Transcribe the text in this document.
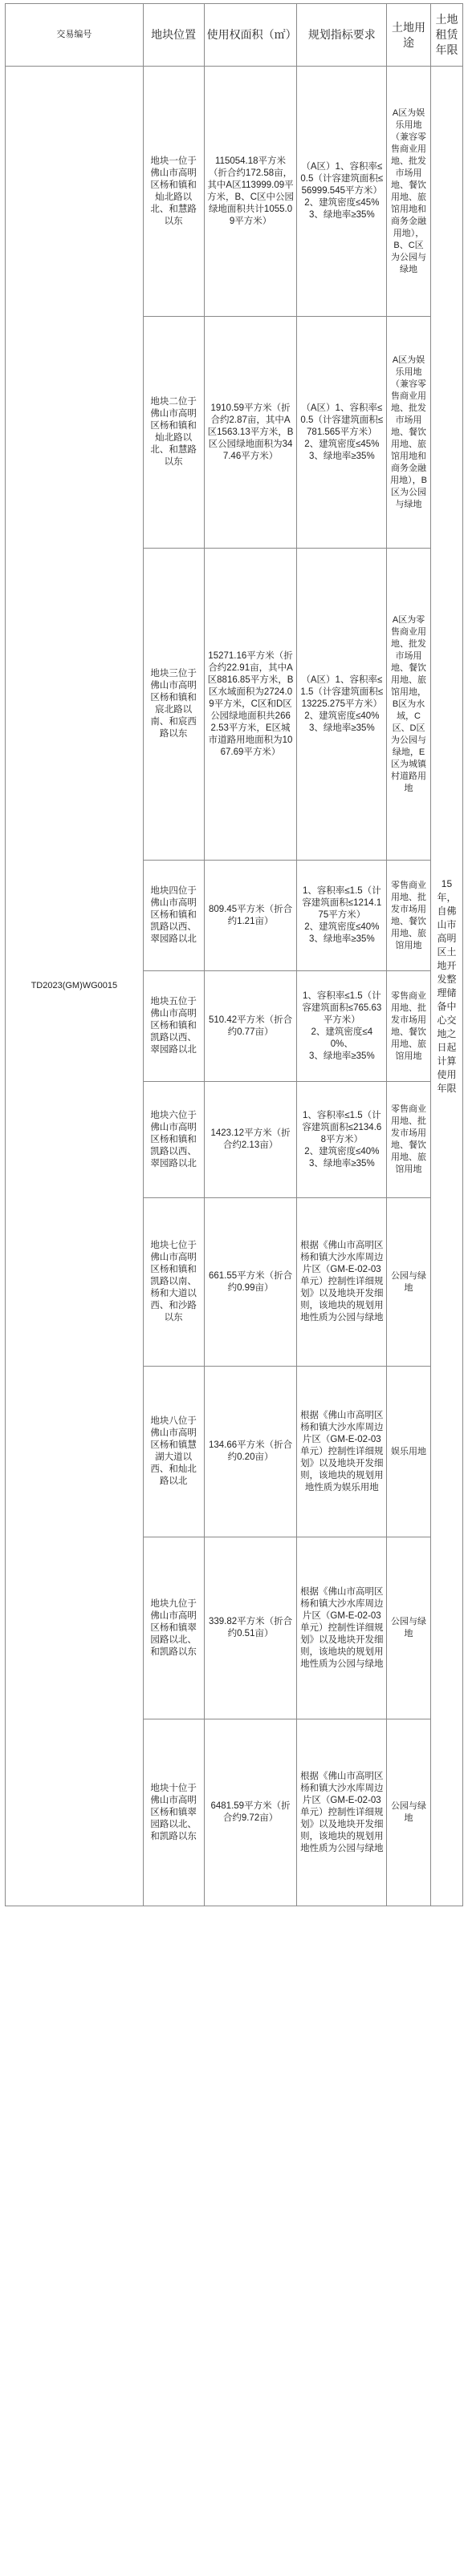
交易编号	地块位置	使用权面积（㎡）	规划指标要求	土地用途	土地租赁年限
TD2023(GM)WG0015	地块一位于佛山市高明区杨和镇和灿北路以北、和慧路以东	115054.18平方米（折合约172.58亩，其中A区113999.09平方米，B、C区中公园绿地面积共计1055.09平方米）	（A区）1、容积率≤0.5（计容建筑面积≤56999.545平方米）
2、建筑密度≤45%
3、绿地率≥35%	A区为娱乐用地（兼容零售商业用地、批发市场用地、餐饮用地、旅馆用地和商务金融用地），B、C区为公园与绿地	15年，自佛山市高明区土地开发整理储备中心交地之日起计算使用年限

	地块二位于佛山市高明区杨和镇和灿北路以北、和慧路以东	1910.59平方米（折合约2.87亩，其中A区1563.13平方米，B区公园绿地面积为347.46平方米）	（A区）1、容积率≤0.5（计容建筑面积≤781.565平方米）
2、建筑密度≤45%
3、绿地率≥35%	A区为娱乐用地（兼容零售商业用地、批发市场用地、餐饮用地、旅馆用地和商务金融用地），B区为公园与绿地	

	地块三位于佛山市高明区杨和镇和宸北路以南、和宸西路以东	15271.16平方米（折合约22.91亩，其中A区8816.85平方米，B区水域面积为2724.09平方米，C区和D区公园绿地面积共2662.53平方米，E区城市道路用地面积为1067.69平方米）	（A区）1、容积率≤1.5（计容建筑面积≤13225.275平方米）
2、建筑密度≤40%
3、绿地率≥35%	A区为零售商业用地、批发市场用地、餐饮用地、旅馆用地，B区为水域，C区、D区为公园与绿地，E区为城镇村道路用地	

	地块四位于佛山市高明区杨和镇和凯路以西、翠园路以北	809.45平方米（折合约1.21亩）	1、容积率≤1.5（计容建筑面积≤1214.175平方米）
2、建筑密度≤40%
3、绿地率≥35%	零售商业用地、批发市场用地、餐饮用地、旅馆用地	

	地块五位于佛山市高明区杨和镇和凯路以西、翠园路以北	510.42平方米（折合约0.77亩）	1、容积率≤1.5（计容建筑面积≤765.63平方米）
2、建筑密度≤40%、
3、绿地率≥35%	零售商业用地、批发市场用地、餐饮用地、旅馆用地	

	地块六位于佛山市高明区杨和镇和凯路以西、翠园路以北	1423.12平方米（折合约2.13亩）	1、容积率≤1.5（计容建筑面积≤2134.68平方米）
2、建筑密度≤40%
3、绿地率≥35%	零售商业用地、批发市场用地、餐饮用地、旅馆用地	

	地块七位于佛山市高明区杨和镇和凯路以南、杨和大道以西、和沙路以东	661.55平方米（折合约0.99亩）	根据《佛山市高明区杨和镇大沙水库周边片区（GM-E-02-03单元）控制性详细规划》以及地块开发细则，该地块的规划用地性质为公园与绿地	公园与绿地	

	地块八位于佛山市高明区杨和镇慧湖大道以西、和灿北路以北	134.66平方米（折合约0.20亩）	根据《佛山市高明区杨和镇大沙水库周边片区（GM-E-02-03单元）控制性详细规划》以及地块开发细则，该地块的规划用地性质为娱乐用地	娱乐用地	

	地块九位于佛山市高明区杨和镇翠园路以北、和凯路以东	339.82平方米（折合约0.51亩）	根据《佛山市高明区杨和镇大沙水库周边片区（GM-E-02-03单元）控制性详细规划》以及地块开发细则，该地块的规划用地性质为公园与绿地	公园与绿地	

	地块十位于佛山市高明区杨和镇翠园路以北、和凯路以东	6481.59平方米（折合约9.72亩）	根据《佛山市高明区杨和镇大沙水库周边片区（GM-E-02-03单元）控制性详细规划》以及地块开发细则，该地块的规划用地性质为公园与绿地	公园与绿地	
